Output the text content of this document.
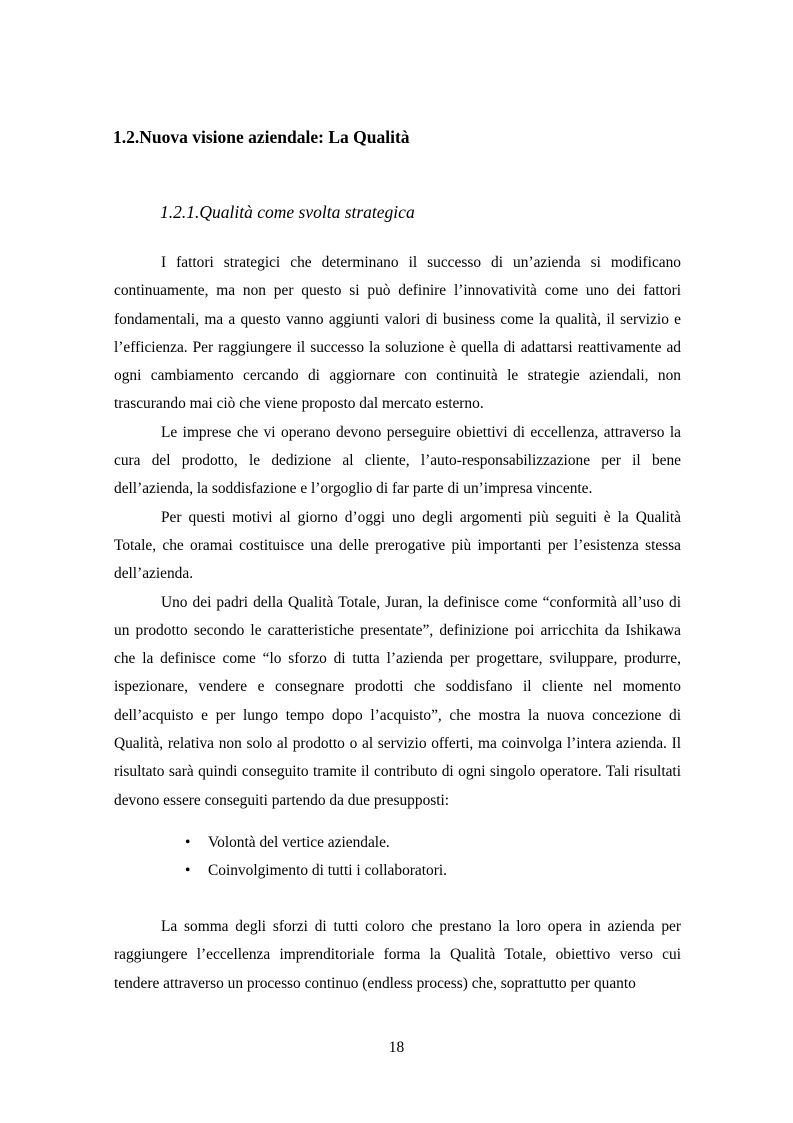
1.2.Nuova visione aziendale: La Qualità
1.2.1.Qualità come svolta strategica

I fattori strategici che determinano il successo di un’azienda si modificano continuamente, ma non per questo si può definire l’innovatività come uno dei fattori fondamentali, ma a questo vanno aggiunti valori di business come la qualità, il servizio e l’efficienza. Per raggiungere il successo la soluzione è quella di adattarsi reattivamente ad ogni cambiamento cercando di aggiornare con continuità le strategie aziendali, non trascurando mai ciò che viene proposto dal mercato esterno.

Le imprese che vi operano devono perseguire obiettivi di eccellenza, attraverso la cura del prodotto, le dedizione al cliente, l’auto-responsabilizzazione per il bene dell’azienda, la soddisfazione e l’orgoglio di far parte di un’impresa vincente.

Per questi motivi al giorno d’oggi uno degli argomenti più seguiti è la Qualità Totale, che oramai costituisce una delle prerogative più importanti per l’esistenza stessa dell’azienda.

Uno dei padri della Qualità Totale, Juran, la definisce come “conformità all’uso di un prodotto secondo le caratteristiche presentate”, definizione poi arricchita da Ishikawa che la definisce come “lo sforzo di tutta l’azienda per progettare, sviluppare, produrre, ispezionare, vendere e consegnare prodotti che soddisfano il cliente nel momento dell’acquisto e per lungo tempo dopo l’acquisto”, che mostra la nuova concezione di Qualità, relativa non solo al prodotto o al servizio offerti, ma coinvolga l’intera azienda. Il risultato sarà quindi conseguito tramite il contributo di ogni singolo operatore. Tali risultati devono essere conseguiti partendo da due presupposti:

• Volontà del vertice aziendale.
• Coinvolgimento di tutti i collaboratori.

La somma degli sforzi di tutti coloro che prestano la loro opera in azienda per raggiungere l’eccellenza imprenditoriale forma la Qualità Totale, obiettivo verso cui tendere attraverso un processo continuo (endless process) che, soprattutto per quanto

18
